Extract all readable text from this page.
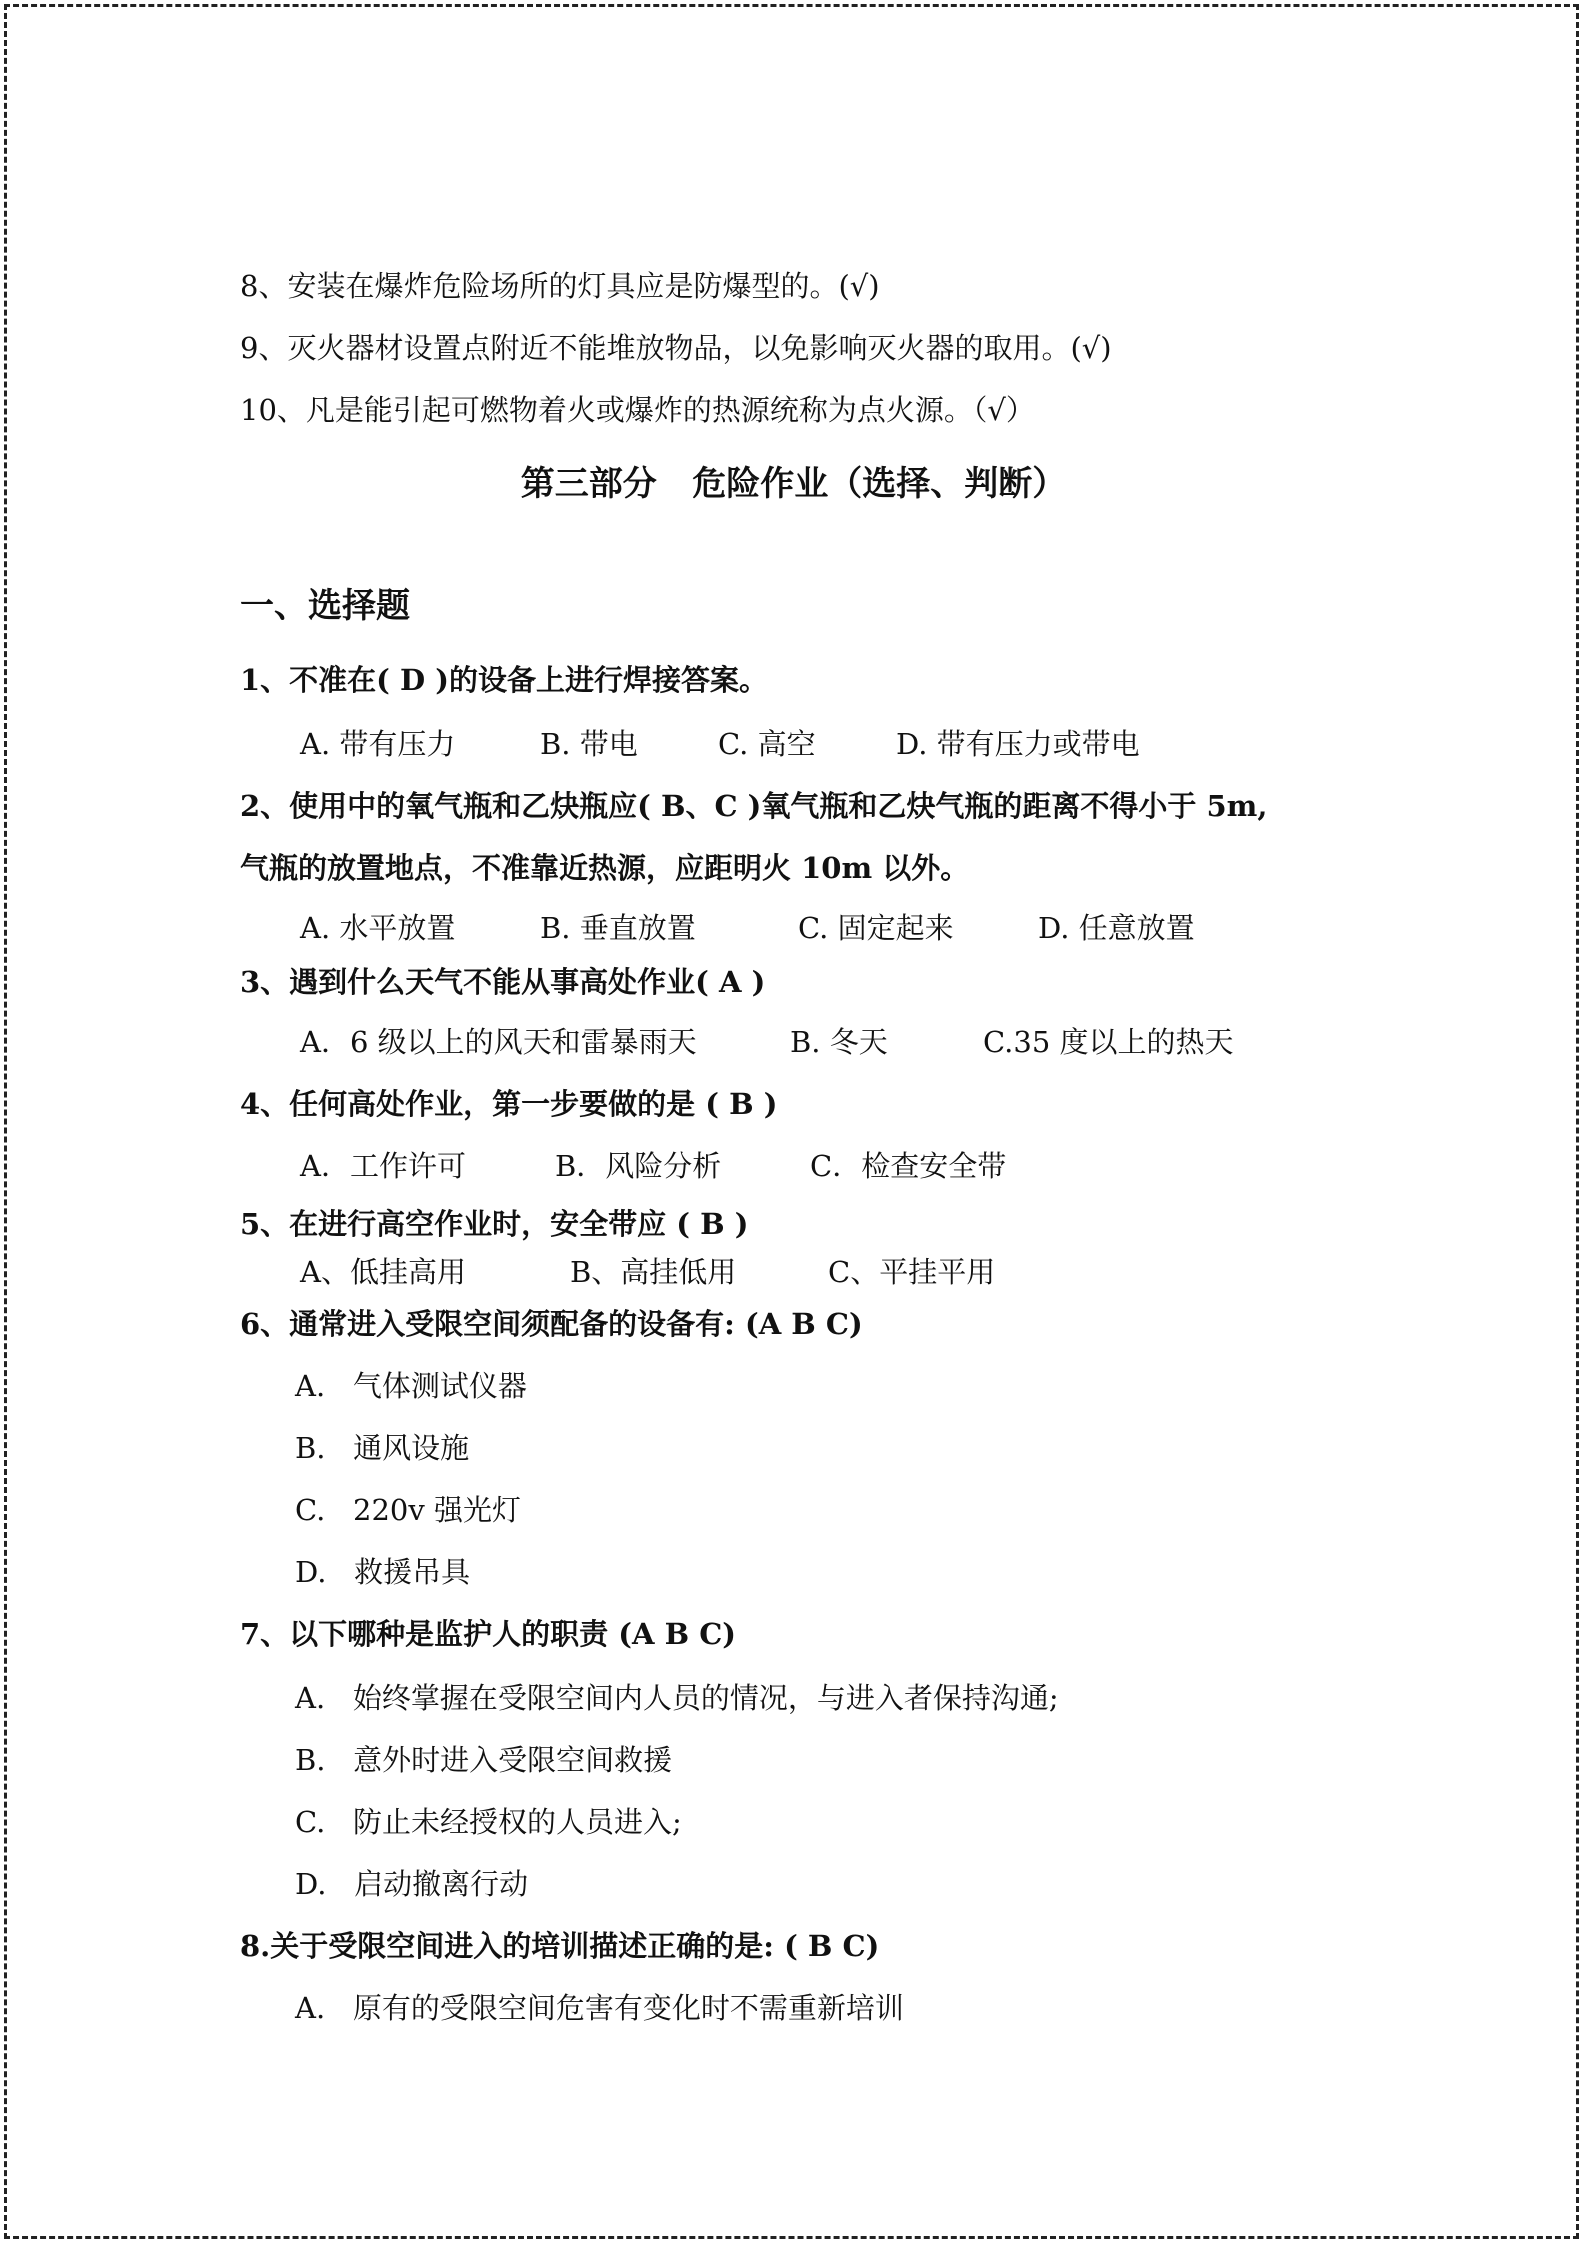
8、安装在爆炸危险场所的灯具应是防爆型的。(√)
9、灭火器材设置点附近不能堆放物品，以免影响灭火器的取用。(√)
10、凡是能引起可燃物着火或爆炸的热源统称为点火源。（√）
第三部分   危险作业（选择、判断）
一、选择题
1、不准在( D )的设备上进行焊接答案。
A. 带有压力	B. 带电	C. 高空	D. 带有压力或带电
2、使用中的氧气瓶和乙炔瓶应( B、C )氧气瓶和乙炔气瓶的距离不得小于 5m,
气瓶的放置地点，不准靠近热源，应距明火 10m 以外。
A. 水平放置	B. 垂直放置	C. 固定起来	D. 任意放置
3、遇到什么天气不能从事高处作业( A )
A．6 级以上的风天和雷暴雨天	B. 冬天	C.35 度以上的热天
4、任何高处作业，第一步要做的是 ( B )
A．工作许可	B．风险分析	C．检查安全带
5、在进行高空作业时，安全带应 ( B )
A、低挂高用	B、高挂低用	C、平挂平用
6、通常进入受限空间须配备的设备有: (A B C)
A.   气体测试仪器
B.   通风设施
C.   220v 强光灯
D.   救援吊具
7、以下哪种是监护人的职责 (A B C)
A.   始终掌握在受限空间内人员的情况，与进入者保持沟通;
B.   意外时进入受限空间救援
C.   防止未经授权的人员进入;
D.   启动撤离行动
8.关于受限空间进入的培训描述正确的是: ( B C)
A.   原有的受限空间危害有变化时不需重新培训
